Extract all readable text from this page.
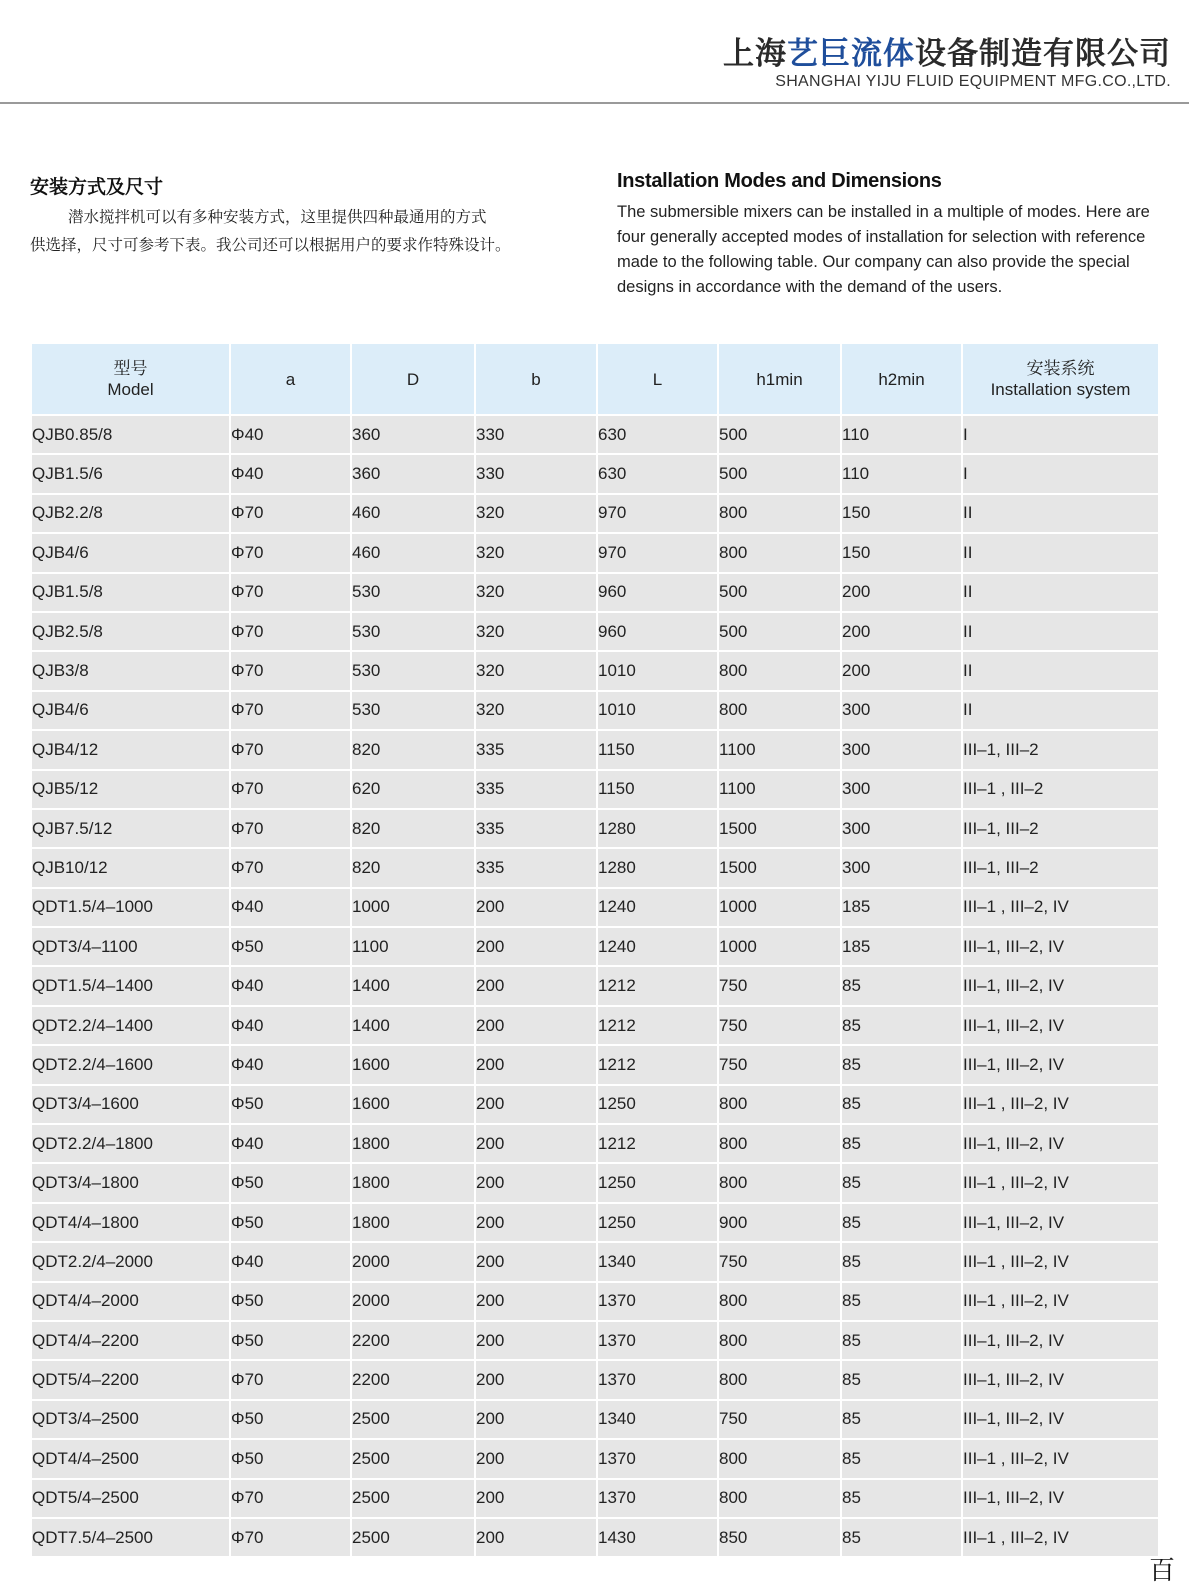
上海艺巨流体设备制造有限公司
SHANGHAI YIJU FLUID EQUIPMENT MFG.CO.,LTD.
安装方式及尺寸
潜水搅拌机可以有多种安装方式，这里提供四种最通用的方式
供选择，尺寸可参考下表。我公司还可以根据用户的要求作特殊设计。
Installation Modes and Dimensions
The submersible mixers can be installed in a multiple of modes. Here are four generally accepted modes of installation for selection with reference made to the following table. Our company can also provide the special designs in accordance with the demand of the users.
型号
Model	a	D	b	L	h1min	h2min	安装系统
Installation system
QJB0.85/8	Φ40	360	330	630	500	110	I
QJB1.5/6	Φ40	360	330	630	500	110	I
QJB2.2/8	Φ70	460	320	970	800	150	II
QJB4/6	Φ70	460	320	970	800	150	II
QJB1.5/8	Φ70	530	320	960	500	200	II
QJB2.5/8	Φ70	530	320	960	500	200	II
QJB3/8	Φ70	530	320	1010	800	200	II
QJB4/6	Φ70	530	320	1010	800	300	II
QJB4/12	Φ70	820	335	1150	1100	300	III–1, III–2
QJB5/12	Φ70	620	335	1150	1100	300	III–1 , III–2
QJB7.5/12	Φ70	820	335	1280	1500	300	III–1, III–2
QJB10/12	Φ70	820	335	1280	1500	300	III–1, III–2
QDT1.5/4–1000	Φ40	1000	200	1240	1000	185	III–1 , III–2, IV
QDT3/4–1100	Φ50	1100	200	1240	1000	185	III–1, III–2, IV
QDT1.5/4–1400	Φ40	1400	200	1212	750	85	III–1, III–2, IV
QDT2.2/4–1400	Φ40	1400	200	1212	750	85	III–1, III–2, IV
QDT2.2/4–1600	Φ40	1600	200	1212	750	85	III–1, III–2, IV
QDT3/4–1600	Φ50	1600	200	1250	800	85	III–1 , III–2, IV
QDT2.2/4–1800	Φ40	1800	200	1212	800	85	III–1, III–2, IV
QDT3/4–1800	Φ50	1800	200	1250	800	85	III–1 , III–2, IV
QDT4/4–1800	Φ50	1800	200	1250	900	85	III–1, III–2, IV
QDT2.2/4–2000	Φ40	2000	200	1340	750	85	III–1 , III–2, IV
QDT4/4–2000	Φ50	2000	200	1370	800	85	III–1 , III–2, IV
QDT4/4–2200	Φ50	2200	200	1370	800	85	III–1, III–2, IV
QDT5/4–2200	Φ70	2200	200	1370	800	85	III–1, III–2, IV
QDT3/4–2500	Φ50	2500	200	1340	750	85	III–1, III–2, IV
QDT4/4–2500	Φ50	2500	200	1370	800	85	III–1 , III–2, IV
QDT5/4–2500	Φ70	2500	200	1370	800	85	III–1, III–2, IV
QDT7.5/4–2500	Φ70	2500	200	1430	850	85	III–1 , III–2, IV
百
